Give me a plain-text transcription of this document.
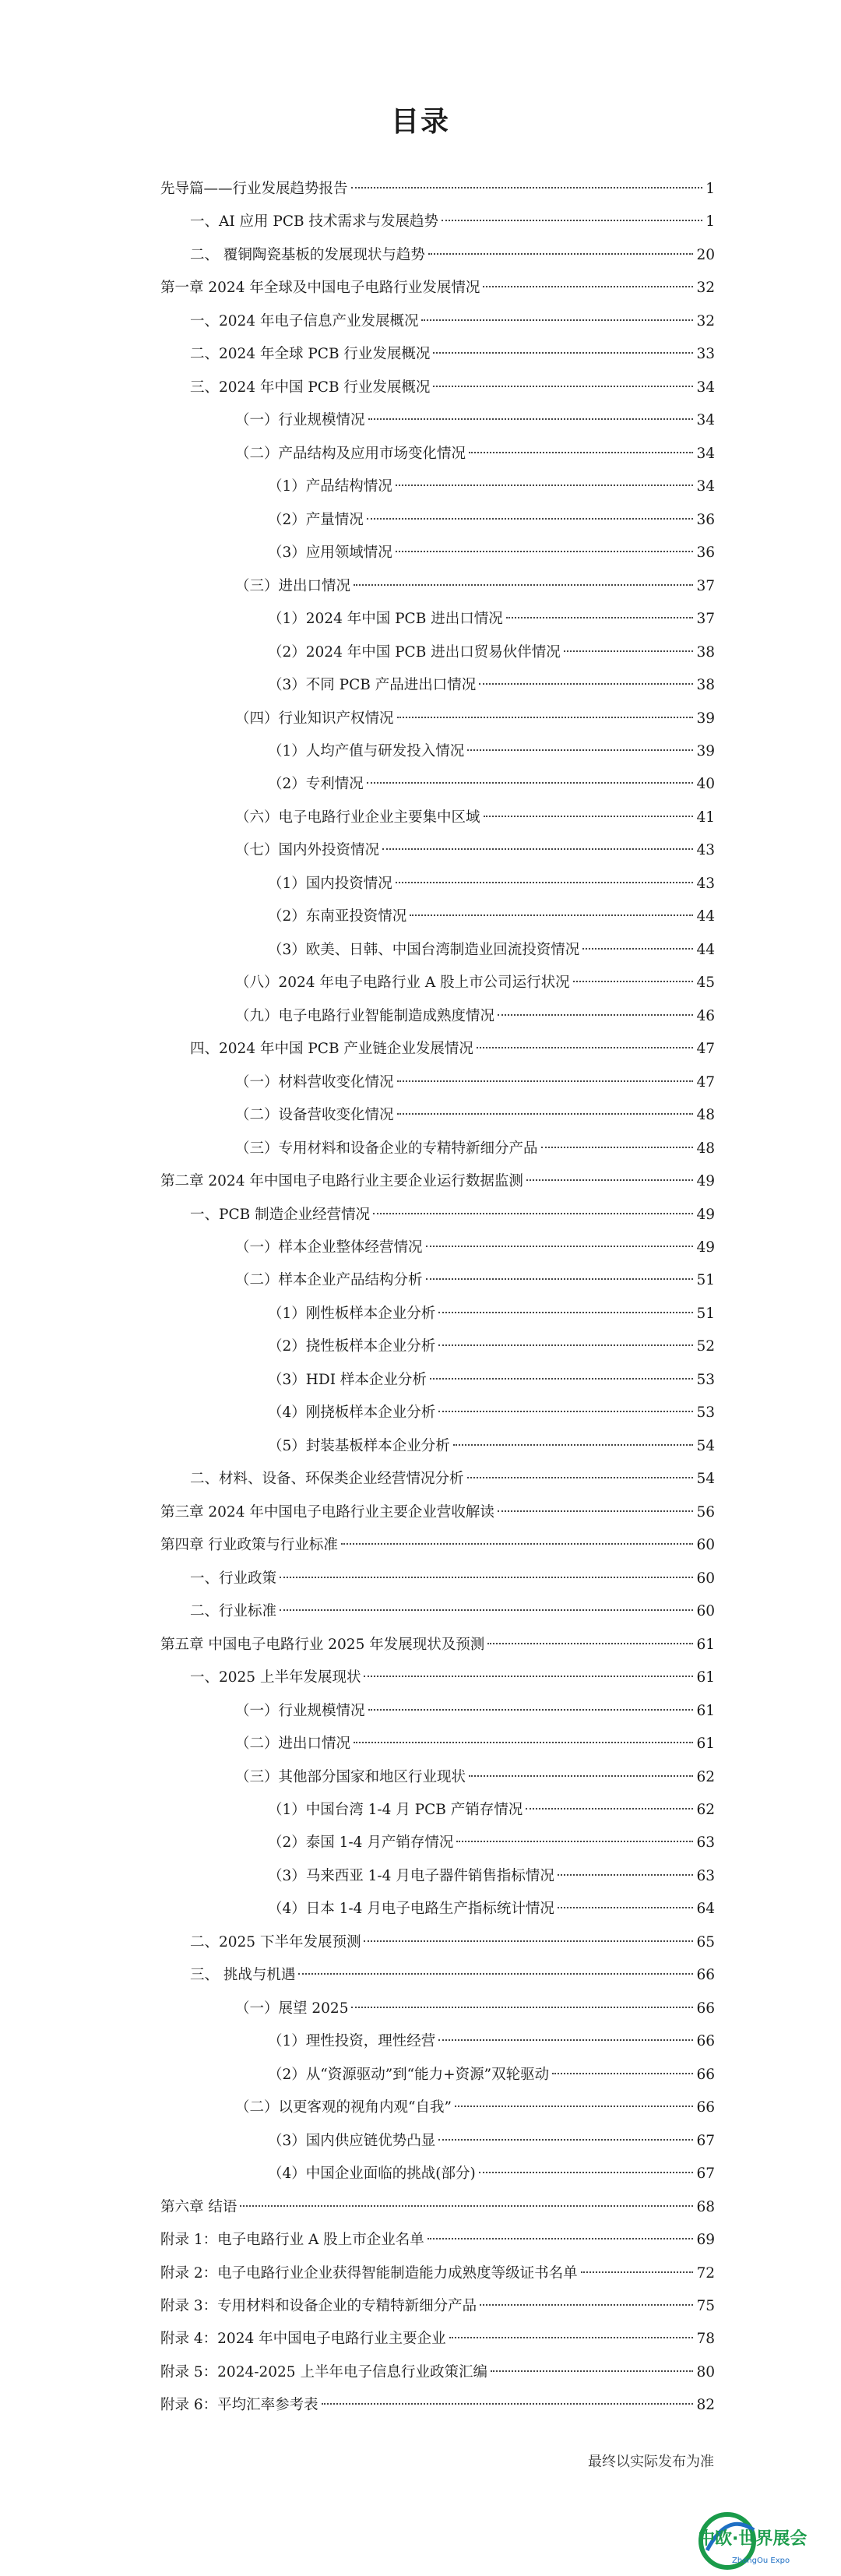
目录
先导篇——行业发展趋势报告	1
一、AI 应用 PCB 技术需求与发展趋势	1
二、 覆铜陶瓷基板的发展现状与趋势	20
第一章 2024 年全球及中国电子电路行业发展情况	32
一、2024 年电子信息产业发展概况	32
二、2024 年全球 PCB 行业发展概况	33
三、2024 年中国 PCB 行业发展概况	34
（一）行业规模情况	34
（二）产品结构及应用市场变化情况	34
（1）产品结构情况	34
（2）产量情况	36
（3）应用领域情况	36
（三）进出口情况	37
（1）2024 年中国 PCB 进出口情况	37
（2）2024 年中国 PCB 进出口贸易伙伴情况	38
（3）不同 PCB 产品进出口情况	38
（四）行业知识产权情况	39
（1）人均产值与研发投入情况	39
（2）专利情况	40
（六）电子电路行业企业主要集中区域	41
（七）国内外投资情况	43
（1）国内投资情况	43
（2）东南亚投资情况	44
（3）欧美、日韩、中国台湾制造业回流投资情况	44
（八）2024 年电子电路行业 A 股上市公司运行状况	45
（九）电子电路行业智能制造成熟度情况	46
四、2024 年中国 PCB 产业链企业发展情况	47
（一）材料营收变化情况	47
（二）设备营收变化情况	48
（三）专用材料和设备企业的专精特新细分产品	48
第二章 2024 年中国电子电路行业主要企业运行数据监测	49
一、PCB 制造企业经营情况	49
（一）样本企业整体经营情况	49
（二）样本企业产品结构分析	51
（1）刚性板样本企业分析	51
（2）挠性板样本企业分析	52
（3）HDI 样本企业分析	53
（4）刚挠板样本企业分析	53
（5）封装基板样本企业分析	54
二、材料、设备、环保类企业经营情况分析	54
第三章 2024 年中国电子电路行业主要企业营收解读	56
第四章 行业政策与行业标准	60
一、行业政策	60
二、行业标准	60
第五章 中国电子电路行业 2025 年发展现状及预测	61
一、2025 上半年发展现状	61
（一）行业规模情况	61
（二）进出口情况	61
（三）其他部分国家和地区行业现状	62
（1）中国台湾 1-4 月 PCB 产销存情况	62
（2）泰国 1-4 月产销存情况	63
（3）马来西亚 1-4 月电子器件销售指标情况	63
（4）日本 1-4 月电子电路生产指标统计情况	64
二、2025 下半年发展预测	65
三、 挑战与机遇	66
（一）展望 2025	66
（1）理性投资，理性经营	66
（2）从“资源驱动”到“能力+资源”双轮驱动	66
（二）以更客观的视角内观“自我”	66
（3）国内供应链优势凸显	67
（4）中国企业面临的挑战(部分)	67
第六章 结语	68
附录 1：电子电路行业 A 股上市企业名单	69
附录 2：电子电路行业企业获得智能制造能力成熟度等级证书名单	72
附录 3：专用材料和设备企业的专精特新细分产品	75
附录 4：2024 年中国电子电路行业主要企业	78
附录 5：2024-2025 上半年电子信息行业政策汇编	80
附录 6：平均汇率参考表	82
最终以实际发布为准
中欧·世界展会
ZhongOu Expo
